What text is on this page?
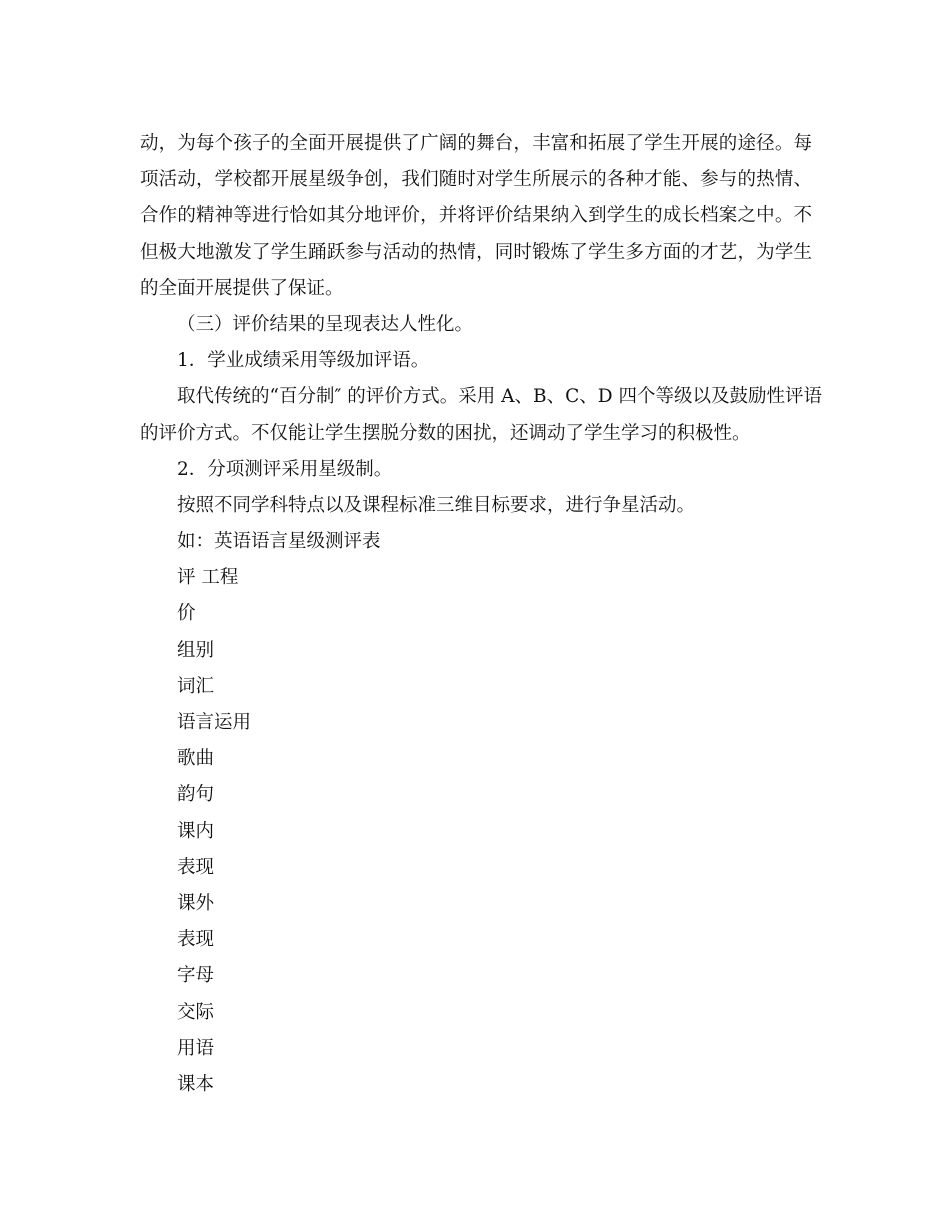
动，为每个孩子的全面开展提供了广阔的舞台，丰富和拓展了学生开展的途径。每
项活动，学校都开展星级争创，我们随时对学生所展示的各种才能、参与的热情、
合作的精神等进行恰如其分地评价，并将评价结果纳入到学生的成长档案之中。不
但极大地激发了学生踊跃参与活动的热情，同时锻炼了学生多方面的才艺，为学生
的全面开展提供了保证。
（三）评价结果的呈现表达人性化。
1．学业成绩采用等级加评语。
取代传统的“百分制″ 的评价方式。采用 A、B、C、D 四个等级以及鼓励性评语
的评价方式。不仅能让学生摆脱分数的困扰，还调动了学生学习的积极性。
2．分项测评采用星级制。
按照不同学科特点以及课程标准三维目标要求，进行争星活动。
如：英语语言星级测评表
评 工程
价
组别
词汇
语言运用
歌曲
韵句
课内
表现
课外
表现
字母
交际
用语
课本
